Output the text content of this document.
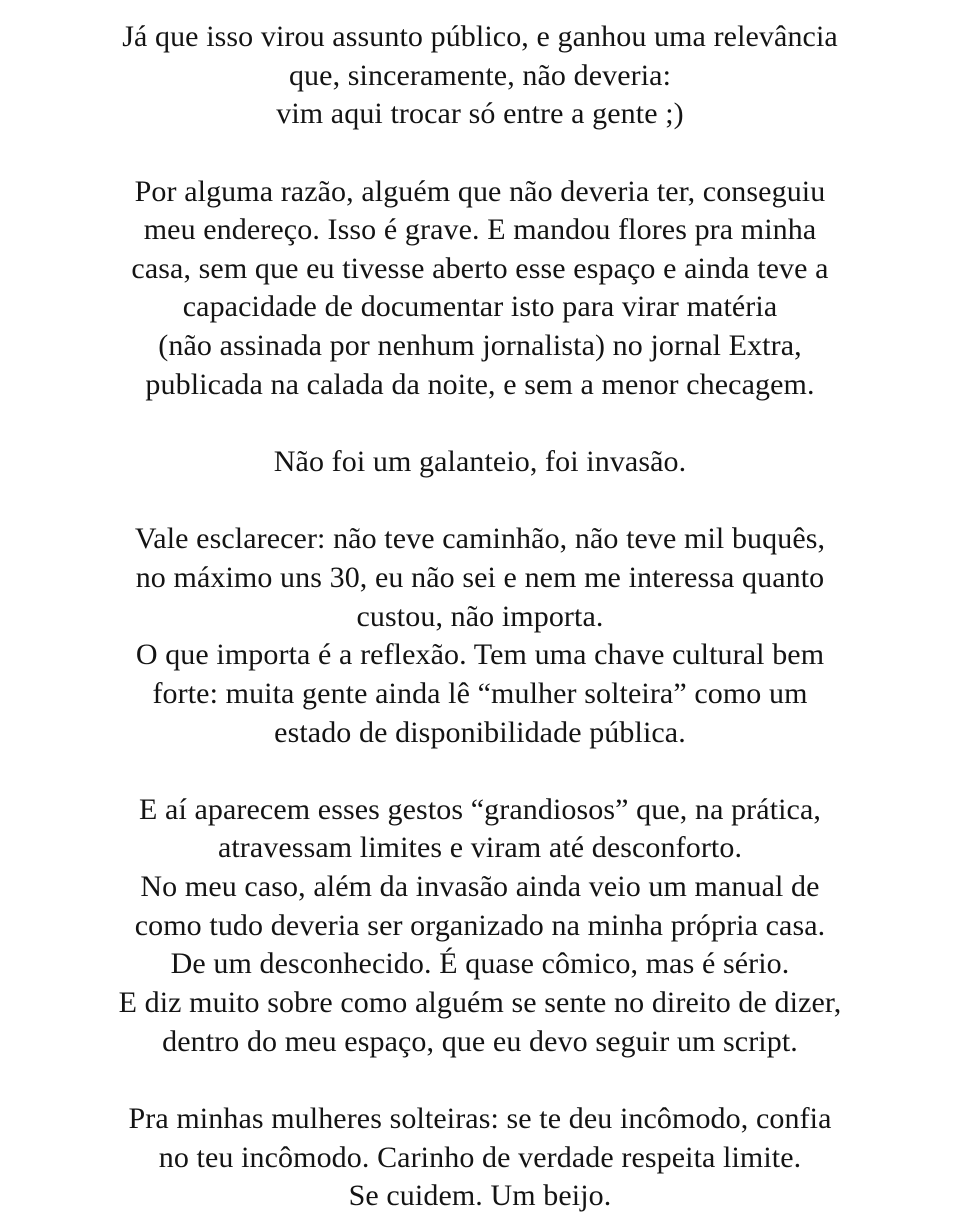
Já que isso virou assunto público, e ganhou uma relevância
que, sinceramente, não deveria:
vim aqui trocar só entre a gente ;)
Por alguma razão, alguém que não deveria ter, conseguiu
meu endereço. Isso é grave. E mandou flores pra minha
casa, sem que eu tivesse aberto esse espaço e ainda teve a
capacidade de documentar isto para virar matéria
(não assinada por nenhum jornalista) no jornal Extra,
publicada na calada da noite, e sem a menor checagem.
Não foi um galanteio, foi invasão.
Vale esclarecer: não teve caminhão, não teve mil buquês,
no máximo uns 30, eu não sei e nem me interessa quanto
custou, não importa.
O que importa é a reflexão. Tem uma chave cultural bem
forte: muita gente ainda lê “mulher solteira” como um
estado de disponibilidade pública.
E aí aparecem esses gestos “grandiosos” que, na prática,
atravessam limites e viram até desconforto.
No meu caso, além da invasão ainda veio um manual de
como tudo deveria ser organizado na minha própria casa.
De um desconhecido. É quase cômico, mas é sério.
E diz muito sobre como alguém se sente no direito de dizer,
dentro do meu espaço, que eu devo seguir um script.
Pra minhas mulheres solteiras: se te deu incômodo, confia
no teu incômodo. Carinho de verdade respeita limite.
Se cuidem. Um beijo.
